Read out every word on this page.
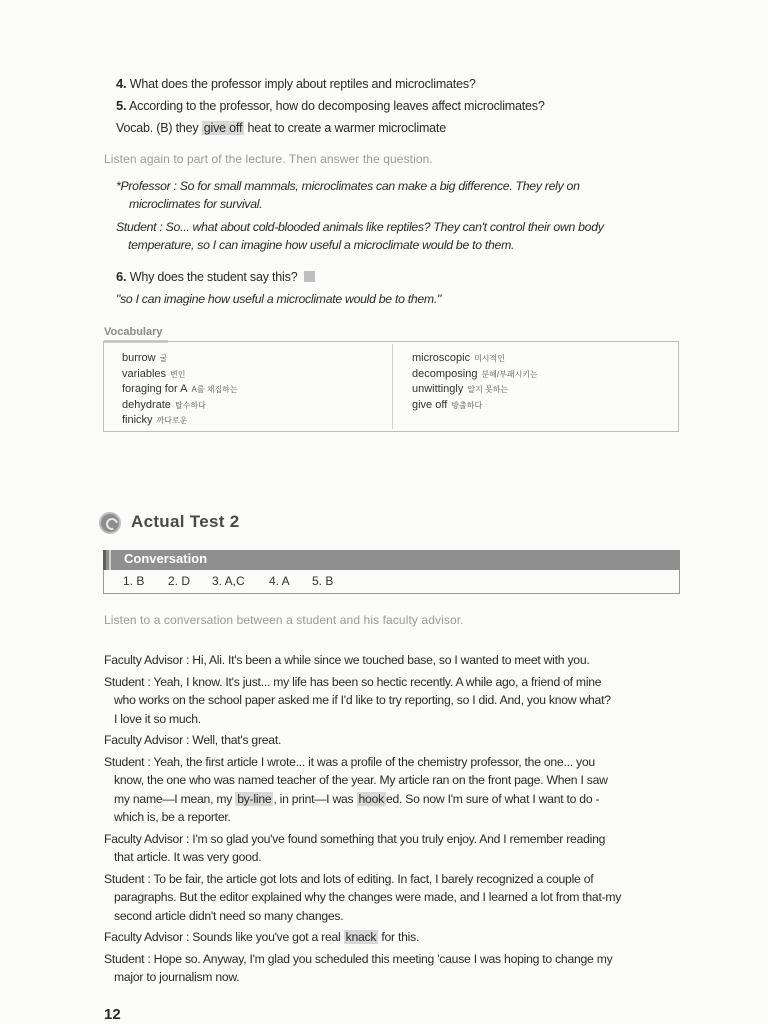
4. What does the professor imply about reptiles and microclimates?
5. According to the professor, how do decomposing leaves affect microclimates?
Vocab. (B) they give off heat to create a warmer microclimate
Listen again to part of the lecture. Then answer the question.
*Professor : So for small mammals, microclimates can make a big difference. They rely on
microclimates for survival.
Student : So... what about cold-blooded animals like reptiles? They can't control their own body
temperature, so I can imagine how useful a microclimate would be to them.
6. Why does the student say this?
"so I can imagine how useful a microclimate would be to them."
Vocabulary
burrow 굴
variables 변인
foraging for A A를 채집하는
dehydrate 탈수하다
finicky 까다로운
microscopic 미시적인
decomposing 분해/부패시키는
unwittingly 알지 못하는
give off 방출하다
Actual Test 2
Conversation
1. B 2. D 3. A,C 4. A 5. B
Listen to a conversation between a student and his faculty advisor.
Faculty Advisor : Hi, Ali. It's been a while since we touched base, so I wanted to meet with you.
Student : Yeah, I know. It's just... my life has been so hectic recently. A while ago, a friend of mine
who works on the school paper asked me if I'd like to try reporting, so I did. And, you know what?
I love it so much.
Faculty Advisor : Well, that's great.
Student : Yeah, the first article I wrote... it was a profile of the chemistry professor, the one... you
know, the one who was named teacher of the year. My article ran on the front page. When I saw
my name—I mean, my by-line , in print—I was hook ed. So now I'm sure of what I want to do -
which is, be a reporter.
Faculty Advisor : I'm so glad you've found something that you truly enjoy. And I remember reading
that article. It was very good.
Student : To be fair, the article got lots and lots of editing. In fact, I barely recognized a couple of
paragraphs. But the editor explained why the changes were made, and I learned a lot from that-my
second article didn't need so many changes.
Faculty Advisor : Sounds like you've got a real knack for this.
Student : Hope so. Anyway, I'm glad you scheduled this meeting 'cause I was hoping to change my
major to journalism now.
12
